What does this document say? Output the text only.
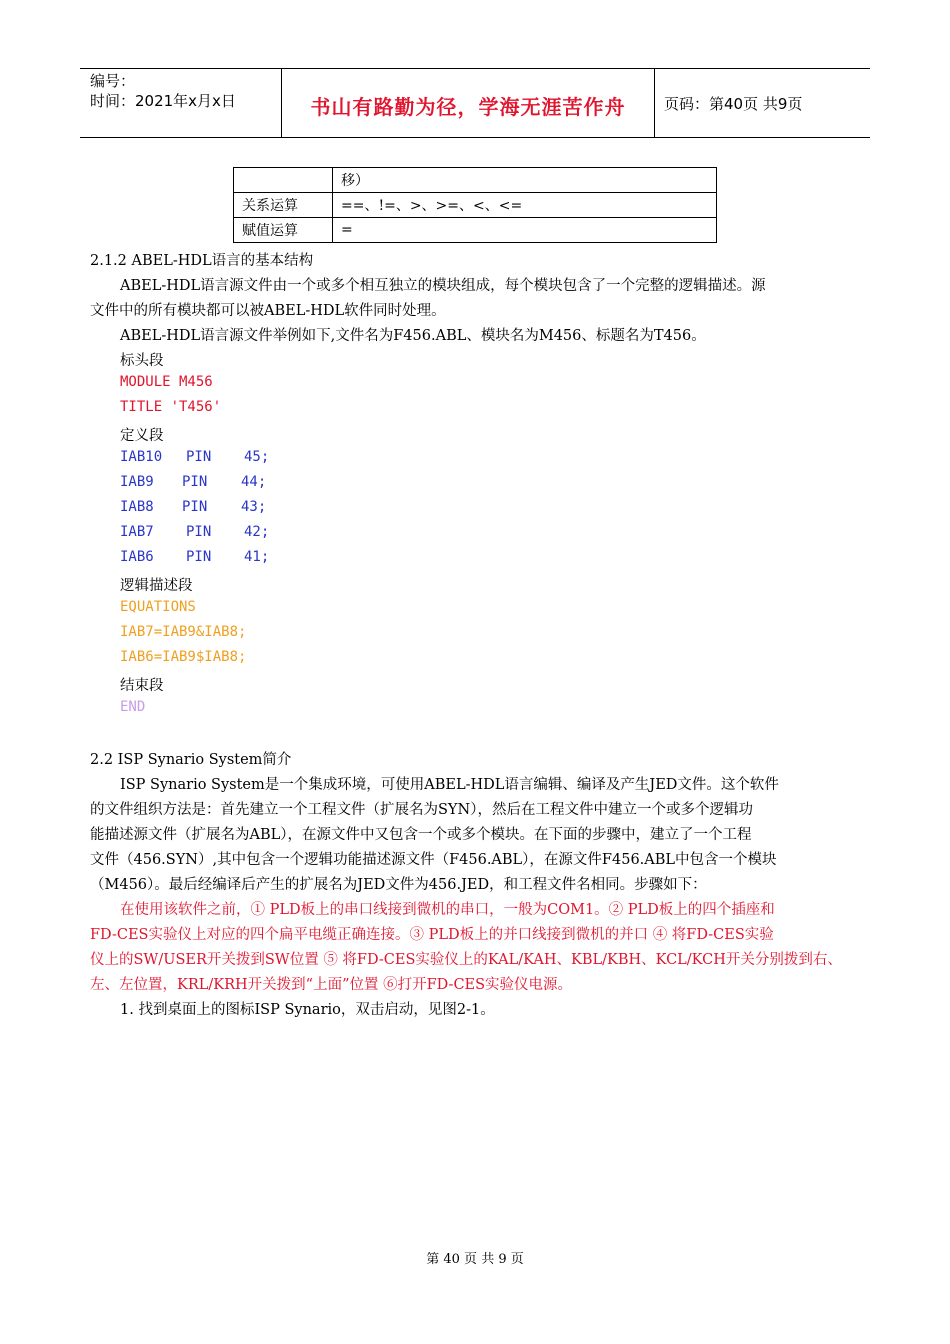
编号：
时间：2021年x月x日	书山有路勤为径，学海无涯苦作舟	页码：第40页 共9页
	移）
关系运算	==、!=、>、>=、<、<=
赋值运算	=
2.1.2 ABEL-HDL语言的基本结构
ABEL-HDL语言源文件由一个或多个相互独立的模块组成，每个模块包含了一个完整的逻辑描述。源
文件中的所有模块都可以被ABEL-HDL软件同时处理。
ABEL-HDL语言源文件举例如下,文件名为F456.ABL、模块名为M456、标题名为T456。
标头段
MODULE M456
TITLE 'T456'
定义段
IAB10 PIN 45;
IAB9 PIN 44;
IAB8 PIN 43;
IAB7 PIN 42;
IAB6 PIN 41;
逻辑描述段
EQUATIONS
IAB7=IAB9&IAB8;
IAB6=IAB9$IAB8;
结束段
END
2.2 ISP Synario System简介
ISP Synario System是一个集成环境，可使用ABEL-HDL语言编辑、编译及产生JED文件。这个软件
的文件组织方法是：首先建立一个工程文件（扩展名为SYN），然后在工程文件中建立一个或多个逻辑功
能描述源文件（扩展名为ABL），在源文件中又包含一个或多个模块。在下面的步骤中，建立了一个工程
文件（456.SYN）,其中包含一个逻辑功能描述源文件（F456.ABL），在源文件F456.ABL中包含一个模块
（M456）。最后经编译后产生的扩展名为JED文件为456.JED，和工程文件名相同。步骤如下：
在使用该软件之前，① PLD板上的串口线接到微机的串口，一般为COM1。② PLD板上的四个插座和
FD-CES实验仪上对应的四个扁平电缆正确连接。③ PLD板上的并口线接到微机的并口 ④ 将FD-CES实验
仪上的SW/USER开关拨到SW位置 ⑤ 将FD-CES实验仪上的KAL/KAH、KBL/KBH、KCL/KCH开关分别拨到右、
左、左位置，KRL/KRH开关拨到“上面”位置 ⑥打开FD-CES实验仪电源。
1. 找到桌面上的图标ISP Synario，双击启动，见图2-1。
第 40 页 共 9 页
